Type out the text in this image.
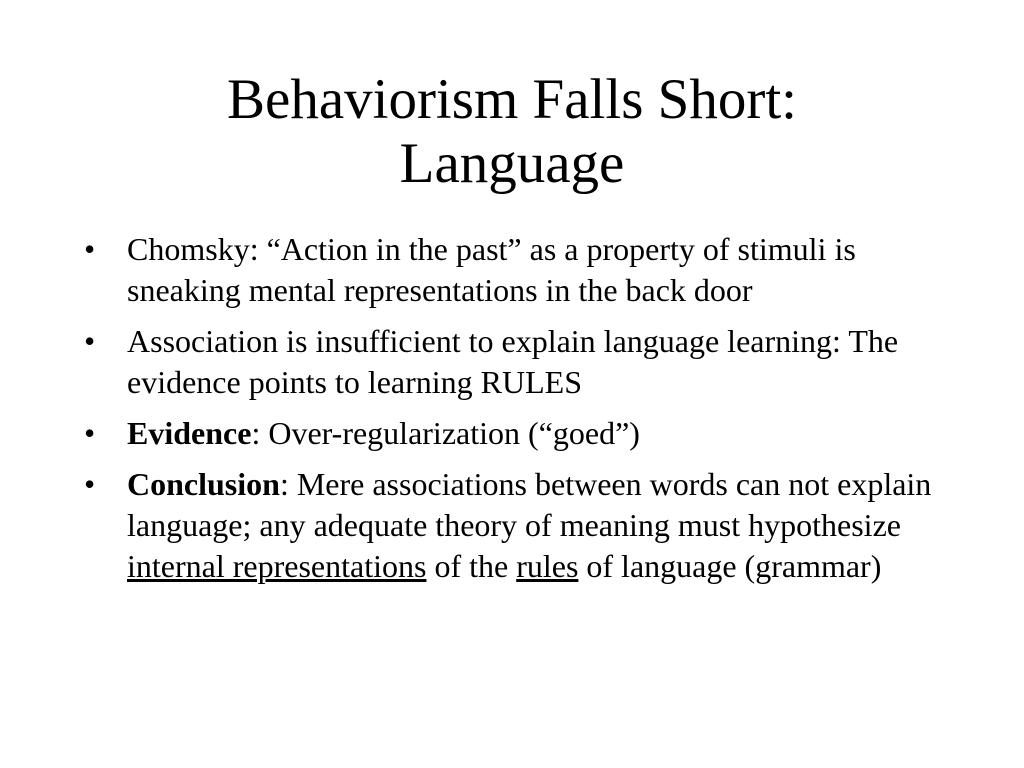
Behaviorism Falls Short:
Language
• Chomsky: “Action in the past” as a property of stimuli is sneaking mental representations in the back door
• Association is insufficient to explain language learning: The evidence points to learning RULES
• Evidence: Over-regularization (“goed”)
• Conclusion: Mere associations between words can not explain language; any adequate theory of meaning must hypothesize internal representations of the rules of language (grammar)
